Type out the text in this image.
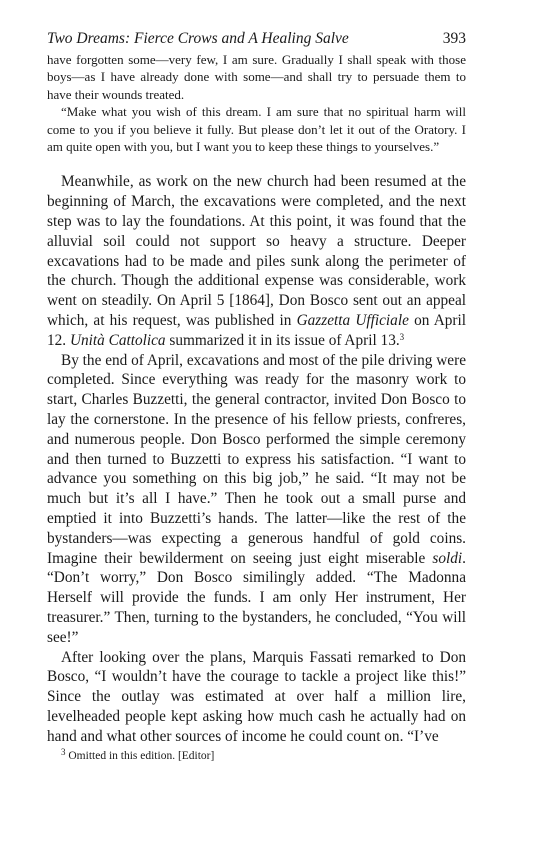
Two Dreams: Fierce Crows and A Healing Salve	393

have forgotten some—very few, I am sure. Gradually I shall speak with those boys—as I have already done with some—and shall try to persuade them to have their wounds treated.

“Make what you wish of this dream. I am sure that no spiritual harm will come to you if you believe it fully. But please don’t let it out of the Oratory. I am quite open with you, but I want you to keep these things to yourselves.”

Meanwhile, as work on the new church had been resumed at the beginning of March, the excavations were completed, and the next step was to lay the foundations. At this point, it was found that the alluvial soil could not support so heavy a structure. Deeper excavations had to be made and piles sunk along the perimeter of the church. Though the additional expense was considerable, work went on steadily. On April 5 [1864], Don Bosco sent out an appeal which, at his request, was published in Gazzetta Ufficiale on April 12. Unità Cattolica summarized it in its issue of April 13.$^3$

By the end of April, excavations and most of the pile driving were completed. Since everything was ready for the masonry work to start, Charles Buzzetti, the general contractor, invited Don Bosco to lay the cornerstone. In the presence of his fellow priests, confreres, and numerous people. Don Bosco performed the simple ceremony and then turned to Buzzetti to express his satisfaction. “I want to advance you something on this big job,” he said. “It may not be much but it’s all I have.” Then he took out a small purse and emptied it into Buzzetti’s hands. The latter—like the rest of the bystanders—was expecting a generous handful of gold coins. Imagine their bewilderment on seeing just eight miserable soldi. “Don’t worry,” Don Bosco similingly added. “The Madonna Herself will provide the funds. I am only Her instrument, Her treasurer.” Then, turning to the bystanders, he concluded, “You will see!”

After looking over the plans, Marquis Fassati remarked to Don Bosco, “I wouldn’t have the courage to tackle a project like this!” Since the outlay was estimated at over half a million lire, levelheaded people kept asking how much cash he actually had on hand and what other sources of income he could count on. “I’ve

$^3$ Omitted in this edition. [Editor]
